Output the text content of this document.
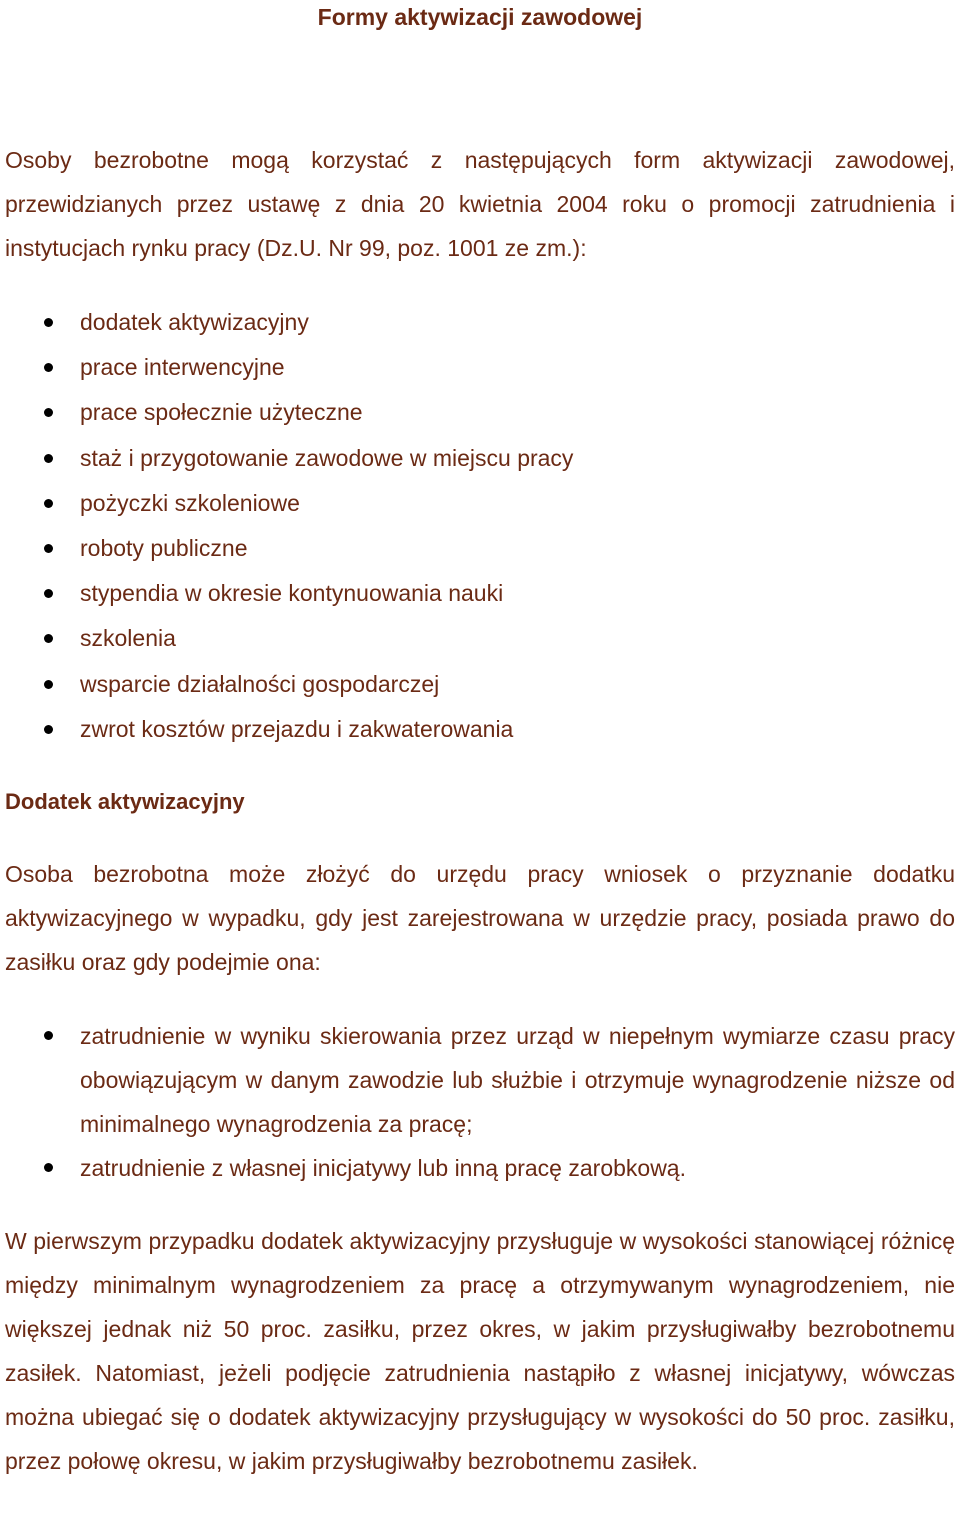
Formy aktywizacji zawodowej

Osoby bezrobotne mogą korzystać z następujących form aktywizacji zawodowej, przewidzianych przez ustawę z dnia 20 kwietnia 2004 roku o promocji zatrudnienia i instytucjach rynku pracy (Dz.U. Nr 99, poz. 1001 ze zm.):

dodatek aktywizacyjny
prace interwencyjne
prace społecznie użyteczne
staż i przygotowanie zawodowe w miejscu pracy
pożyczki szkoleniowe
roboty publiczne
stypendia w okresie kontynuowania nauki
szkolenia
wsparcie działalności gospodarczej
zwrot kosztów przejazdu i zakwaterowania
Dodatek aktywizacyjny

Osoba bezrobotna może złożyć do urzędu pracy wniosek o przyznanie dodatku aktywizacyjnego w wypadku, gdy jest zarejestrowana w urzędzie pracy, posiada prawo do zasiłku oraz gdy podejmie ona:

zatrudnienie w wyniku skierowania przez urząd w niepełnym wymiarze czasu pracy obowiązującym w danym zawodzie lub służbie i otrzymuje wynagrodzenie niższe od minimalnego wynagrodzenia za pracę;
zatrudnienie z własnej inicjatywy lub inną pracę zarobkową.

W pierwszym przypadku dodatek aktywizacyjny przysługuje w wysokości stanowiącej różnicę między minimalnym wynagrodzeniem za pracę a otrzymywanym wynagrodzeniem, nie większej jednak niż 50 proc. zasiłku, przez okres, w jakim przysługiwałby bezrobotnemu zasiłek. Natomiast, jeżeli podjęcie zatrudnienia nastąpiło z własnej inicjatywy, wówczas można ubiegać się o dodatek aktywizacyjny przysługujący w wysokości do 50 proc. zasiłku, przez połowę okresu, w jakim przysługiwałby bezrobotnemu zasiłek.
